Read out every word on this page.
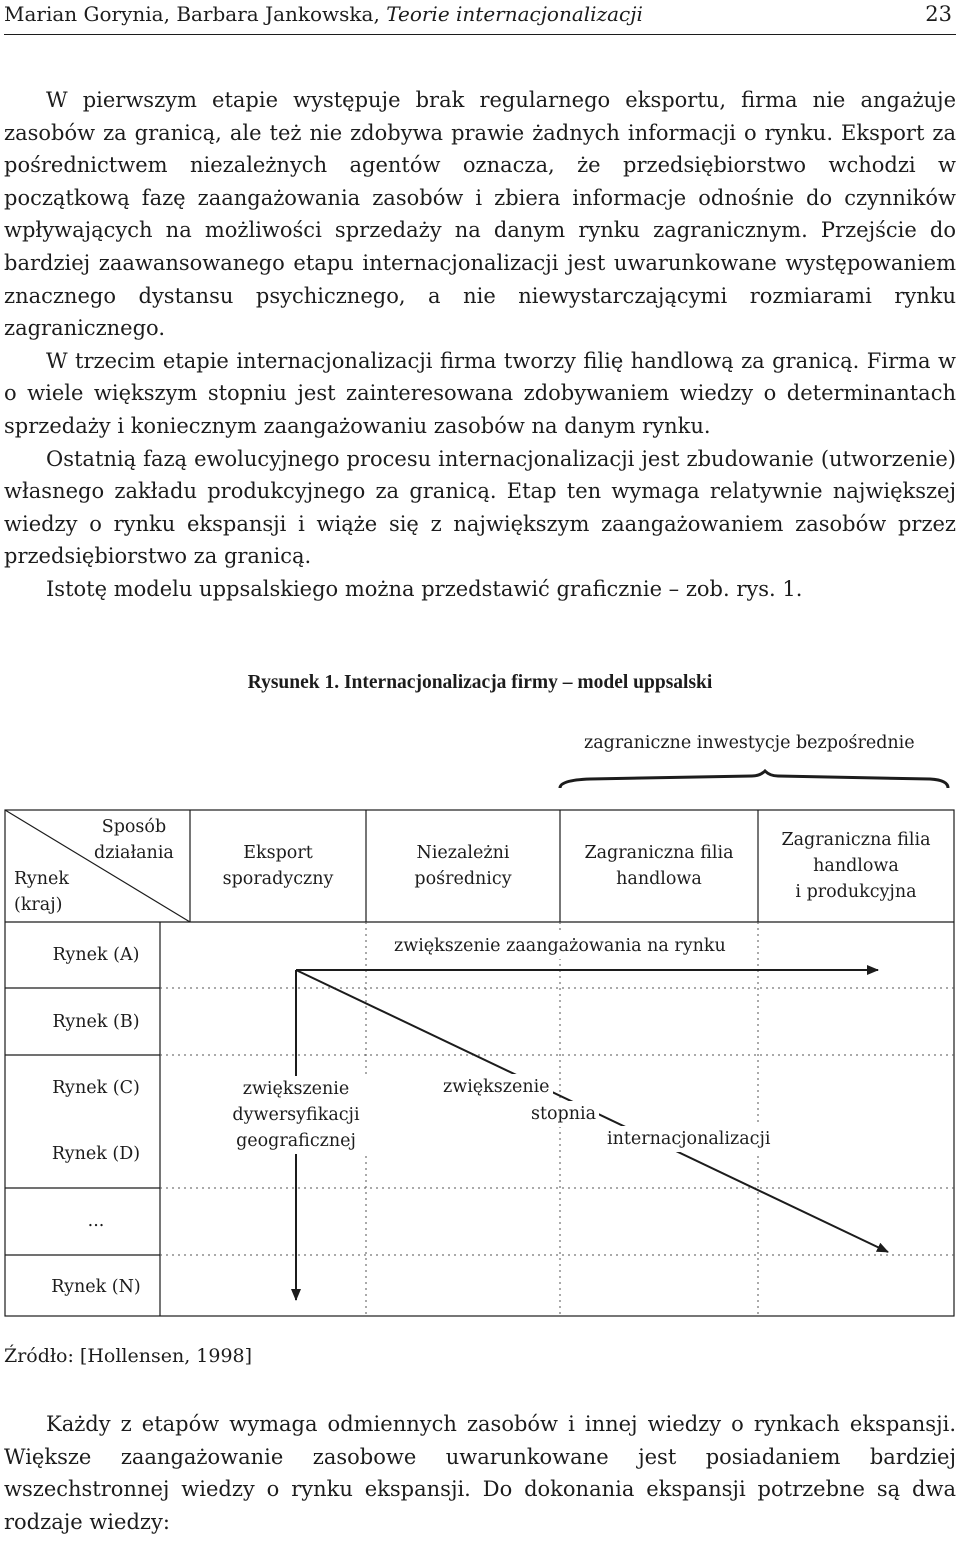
Marian Gorynia, Barbara Jankowska, Teorie internacjonalizacji	23

W pierwszym etapie występuje brak regularnego eksportu, firma nie angażuje zasobów za granicą, ale też nie zdobywa prawie żadnych informacji o rynku. Eksport za pośrednictwem niezależnych agentów oznacza, że przedsiębiorstwo wchodzi w początkową fazę zaangażowania zasobów i zbiera informacje odnośnie do czynników wpływających na możliwości sprzedaży na danym rynku zagranicznym. Przejście do bardziej zaawansowanego etapu internacjonalizacji jest uwarunkowane występowaniem znacznego dystansu psychicznego, a nie niewystarczającymi rozmiarami rynku zagranicznego.

W trzecim etapie internacjonalizacji firma tworzy filię handlową za granicą. Firma w o wiele większym stopniu jest zainteresowana zdobywaniem wiedzy o determinantach sprzedaży i koniecznym zaangażowaniu zasobów na danym rynku.

Ostatnią fazą ewolucyjnego procesu internacjonalizacji jest zbudowanie (utworzenie) własnego zakładu produkcyjnego za granicą. Etap ten wymaga relatywnie największej wiedzy o rynku ekspansji i wiąże się z największym zaangażowaniem zasobów przez przedsiębiorstwo za granicą.

Istotę modelu uppsalskiego można przedstawić graficznie – zob. rys. 1.

Rysunek 1. Internacjonalizacja firmy – model uppsalski
zagraniczne inwestycje bezpośrednie
Sposób
działania
Rynek
(kraj)
Eksport
sporadyczny
Niezależni
pośrednicy
Zagraniczna filia
handlowa
Zagraniczna filia
handlowa
i produkcyjna
Rynek (A)
Rynek (B)
Rynek (C)
Rynek (D)
...
Rynek (N)
zwiększenie zaangażowania na rynku
zwiększenie
dywersyfikacji
geograficznej
zwiększenie
stopnia
internacjonalizacji
Źródło: [Hollensen, 1998]

Każdy z etapów wymaga odmiennych zasobów i innej wiedzy o rynkach ekspansji. Większe zaangażowanie zasobowe uwarunkowane jest posiadaniem bardziej wszechstronnej wiedzy o rynku ekspansji. Do dokonania ekspansji potrzebne są dwa rodzaje wiedzy:
